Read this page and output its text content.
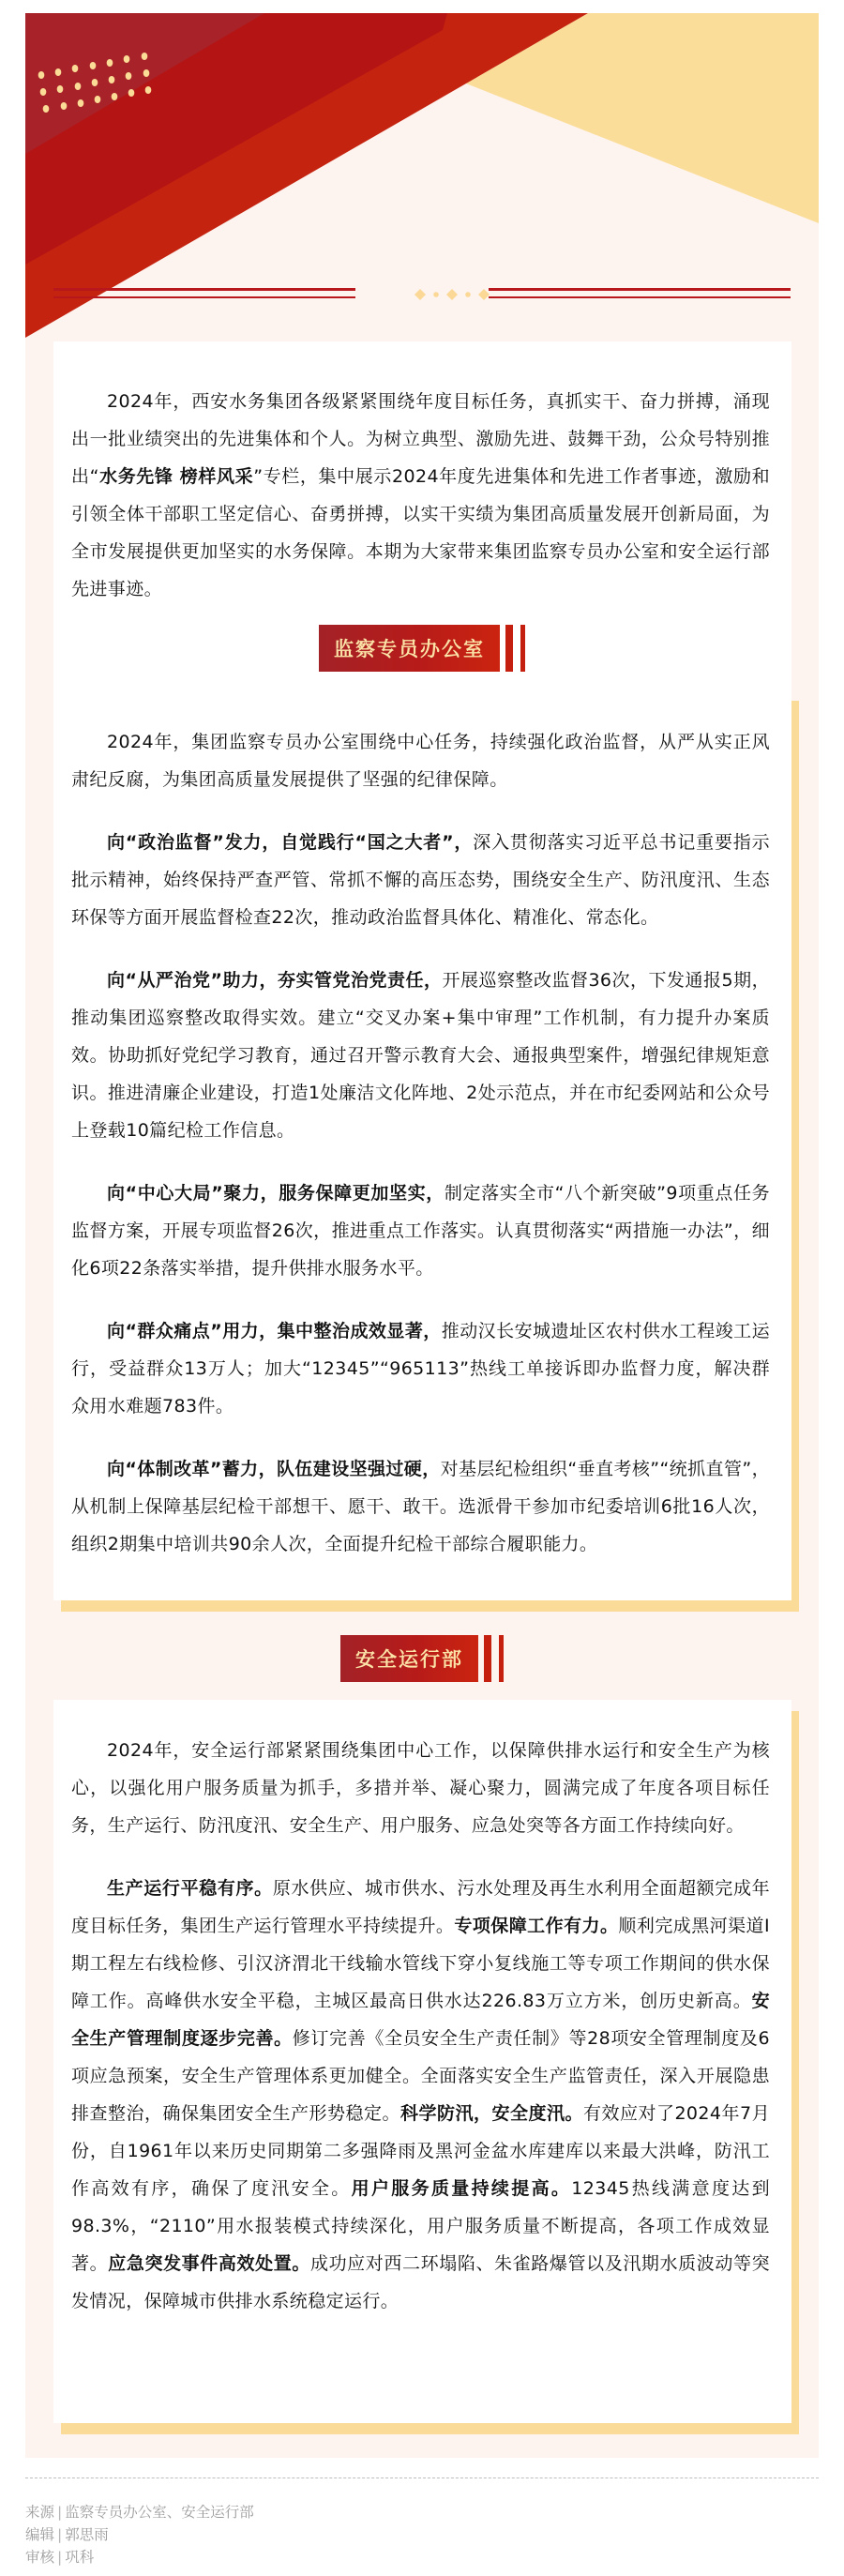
2024年，西安水务集团各级紧紧围绕年度目标任务，真抓实干、奋力拼搏，涌现出一批业绩突出的先进集体和个人。为树立典型、激励先进、鼓舞干劲，公众号特别推出“水务先锋 榜样风采”专栏，集中展示2024年度先进集体和先进工作者事迹，激励和引领全体干部职工坚定信心、奋勇拼搏，以实干实绩为集团高质量发展开创新局面，为全市发展提供更加坚实的水务保障。本期为大家带来集团监察专员办公室和安全运行部先进事迹。

监察专员办公室

2024年，集团监察专员办公室围绕中心任务，持续强化政治监督，从严从实正风肃纪反腐，为集团高质量发展提供了坚强的纪律保障。

向“政治监督”发力，自觉践行“国之大者”，深入贯彻落实习近平总书记重要指示批示精神，始终保持严查严管、常抓不懈的高压态势，围绕安全生产、防汛度汛、生态环保等方面开展监督检查22次，推动政治监督具体化、精准化、常态化。

向“从严治党”助力，夯实管党治党责任，开展巡察整改监督36次，下发通报5期，推动集团巡察整改取得实效。建立“交叉办案+集中审理”工作机制，有力提升办案质效。协助抓好党纪学习教育，通过召开警示教育大会、通报典型案件，增强纪律规矩意识。推进清廉企业建设，打造1处廉洁文化阵地、2处示范点，并在市纪委网站和公众号上登载10篇纪检工作信息。

向“中心大局”聚力，服务保障更加坚实，制定落实全市“八个新突破”9项重点任务监督方案，开展专项监督26次，推进重点工作落实。认真贯彻落实“两措施一办法”，细化6项22条落实举措，提升供排水服务水平。

向“群众痛点”用力，集中整治成效显著，推动汉长安城遗址区农村供水工程竣工运行，受益群众13万人；加大“12345”“965113”热线工单接诉即办监督力度，解决群众用水难题783件。

向“体制改革”蓄力，队伍建设坚强过硬，对基层纪检组织“垂直考核”“统抓直管”，从机制上保障基层纪检干部想干、愿干、敢干。选派骨干参加市纪委培训6批16人次，组织2期集中培训共90余人次，全面提升纪检干部综合履职能力。

安全运行部

2024年，安全运行部紧紧围绕集团中心工作，以保障供排水运行和安全生产为核心，以强化用户服务质量为抓手，多措并举、凝心聚力，圆满完成了年度各项目标任务，生产运行、防汛度汛、安全生产、用户服务、应急处突等各方面工作持续向好。

生产运行平稳有序。原水供应、城市供水、污水处理及再生水利用全面超额完成年度目标任务，集团生产运行管理水平持续提升。专项保障工作有力。顺利完成黑河渠道Ⅰ期工程左右线检修、引汉济渭北干线输水管线下穿小复线施工等专项工作期间的供水保障工作。高峰供水安全平稳，主城区最高日供水达226.83万立方米，创历史新高。安全生产管理制度逐步完善。修订完善《全员安全生产责任制》等28项安全管理制度及6项应急预案，安全生产管理体系更加健全。全面落实安全生产监管责任，深入开展隐患排查整治，确保集团安全生产形势稳定。科学防汛，安全度汛。有效应对了2024年7月份，自1961年以来历史同期第二多强降雨及黑河金盆水库建库以来最大洪峰，防汛工作高效有序，确保了度汛安全。用户服务质量持续提高。12345热线满意度达到98.3%，“2110”用水报装模式持续深化，用户服务质量不断提高，各项工作成效显著。应急突发事件高效处置。成功应对西二环塌陷、朱雀路爆管以及汛期水质波动等突发情况，保障城市供排水系统稳定运行。

来源 | 监察专员办公室、安全运行部
编辑 | 郭思雨
审核 | 巩科
